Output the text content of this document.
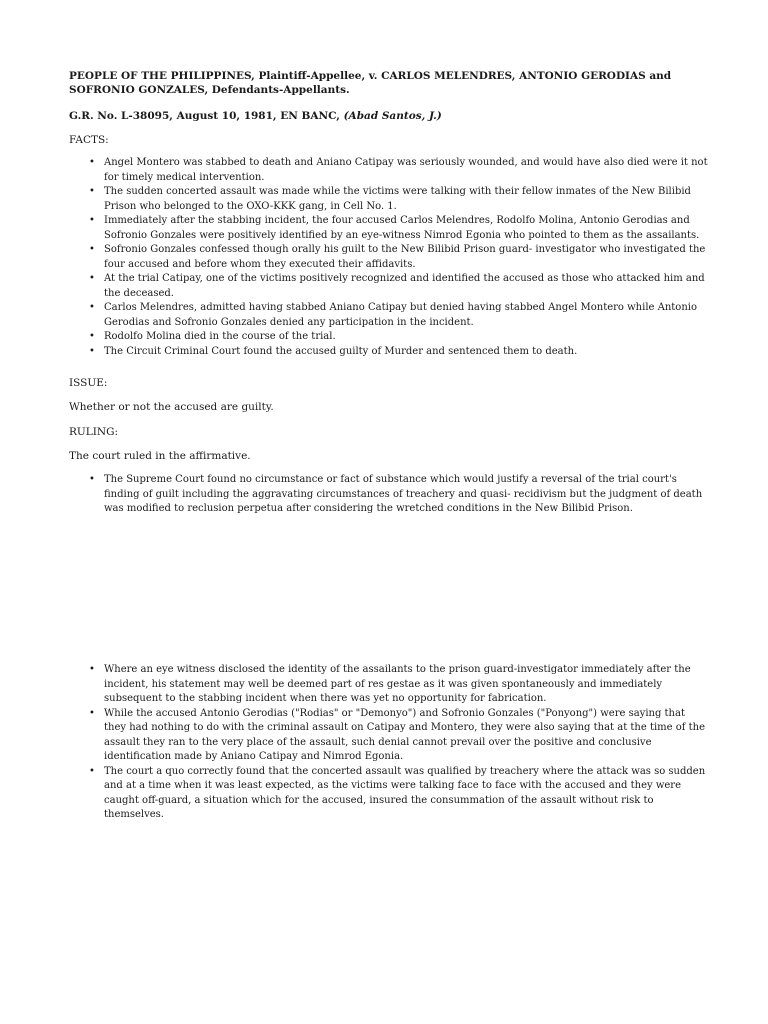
PEOPLE OF THE PHILIPPINES, Plaintiff-Appellee, v. CARLOS MELENDRES, ANTONIO GERODIAS and SOFRONIO GONZALES, Defendants-Appellants.
G.R. No. L-38095, August 10, 1981, EN BANC, (Abad Santos, J.)
FACTS:
• Angel Montero was stabbed to death and Aniano Catipay was seriously wounded, and would have also died were it not for timely medical intervention.
• The sudden concerted assault was made while the victims were talking with their fellow inmates of the New Bilibid Prison who belonged to the OXO-KKK gang, in Cell No. 1.
• Immediately after the stabbing incident, the four accused Carlos Melendres, Rodolfo Molina, Antonio Gerodias and Sofronio Gonzales were positively identified by an eye-witness Nimrod Egonia who pointed to them as the assailants.
• Sofronio Gonzales confessed though orally his guilt to the New Bilibid Prison guard- investigator who investigated the four accused and before whom they executed their affidavits.
• At the trial Catipay, one of the victims positively recognized and identified the accused as those who attacked him and the deceased.
• Carlos Melendres, admitted having stabbed Aniano Catipay but denied having stabbed Angel Montero while Antonio Gerodias and Sofronio Gonzales denied any participation in the incident.
• Rodolfo Molina died in the course of the trial.
• The Circuit Criminal Court found the accused guilty of Murder and sentenced them to death.
ISSUE:
Whether or not the accused are guilty.
RULING:
The court ruled in the affirmative.
• The Supreme Court found no circumstance or fact of substance which would justify a reversal of the trial court's finding of guilt including the aggravating circumstances of treachery and quasi- recidivism but the judgment of death was modified to reclusion perpetua after considering the wretched conditions in the New Bilibid Prison.
• Where an eye witness disclosed the identity of the assailants to the prison guard-investigator immediately after the incident, his statement may well be deemed part of res gestae as it was given spontaneously and immediately subsequent to the stabbing incident when there was yet no opportunity for fabrication.
• While the accused Antonio Gerodias ("Rodias" or "Demonyo") and Sofronio Gonzales ("Ponyong") were saying that they had nothing to do with the criminal assault on Catipay and Montero, they were also saying that at the time of the assault they ran to the very place of the assault, such denial cannot prevail over the positive and conclusive identification made by Aniano Catipay and Nimrod Egonia.
• The court a quo correctly found that the concerted assault was qualified by treachery where the attack was so sudden and at a time when it was least expected, as the victims were talking face to face with the accused and they were caught off-guard, a situation which for the accused, insured the consummation of the assault without risk to themselves.
